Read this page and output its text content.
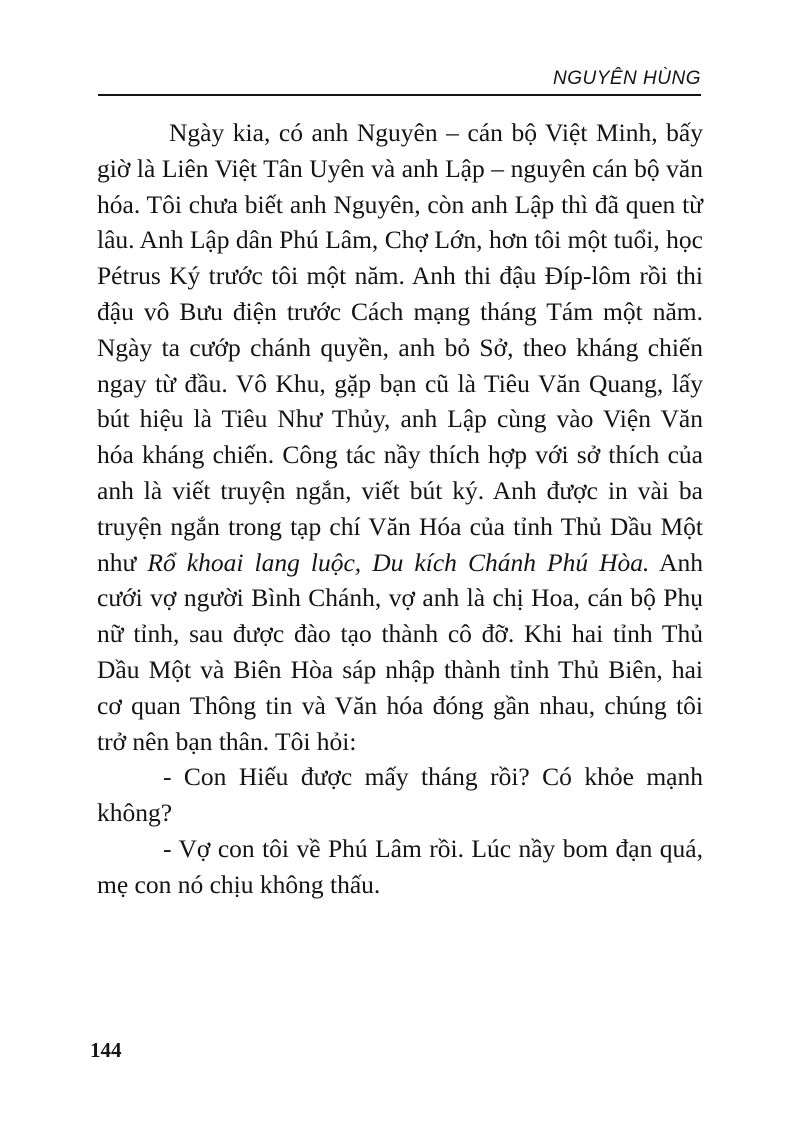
NGUYÊN HÙNG

Ngày kia, có anh Nguyên – cán bộ Việt Minh, bấy giờ là Liên Việt Tân Uyên và anh Lập – nguyên cán bộ văn hóa. Tôi chưa biết anh Nguyên, còn anh Lập thì đã quen từ lâu. Anh Lập dân Phú Lâm, Chợ Lớn, hơn tôi một tuổi, học Pétrus Ký trước tôi một năm. Anh thi đậu Đíp-lôm rồi thi đậu vô Bưu điện trước Cách mạng tháng Tám một năm. Ngày ta cướp chánh quyền, anh bỏ Sở, theo kháng chiến ngay từ đầu. Vô Khu, gặp bạn cũ là Tiêu Văn Quang, lấy bút hiệu là Tiêu Như Thủy, anh Lập cùng vào Viện Văn hóa kháng chiến. Công tác nầy thích hợp với sở thích của anh là viết truyện ngắn, viết bút ký. Anh được in vài ba truyện ngắn trong tạp chí Văn Hóa của tỉnh Thủ Dầu Một như Rổ khoai lang luộc, Du kích Chánh Phú Hòa. Anh cưới vợ người Bình Chánh, vợ anh là chị Hoa, cán bộ Phụ nữ tỉnh, sau được đào tạo thành cô đỡ. Khi hai tỉnh Thủ Dầu Một và Biên Hòa sáp nhập thành tỉnh Thủ Biên, hai cơ quan Thông tin và Văn hóa đóng gần nhau, chúng tôi trở nên bạn thân. Tôi hỏi:

- Con Hiếu được mấy tháng rồi? Có khỏe mạnh không?

- Vợ con tôi về Phú Lâm rồi. Lúc nầy bom đạn quá, mẹ con nó chịu không thấu.

144
